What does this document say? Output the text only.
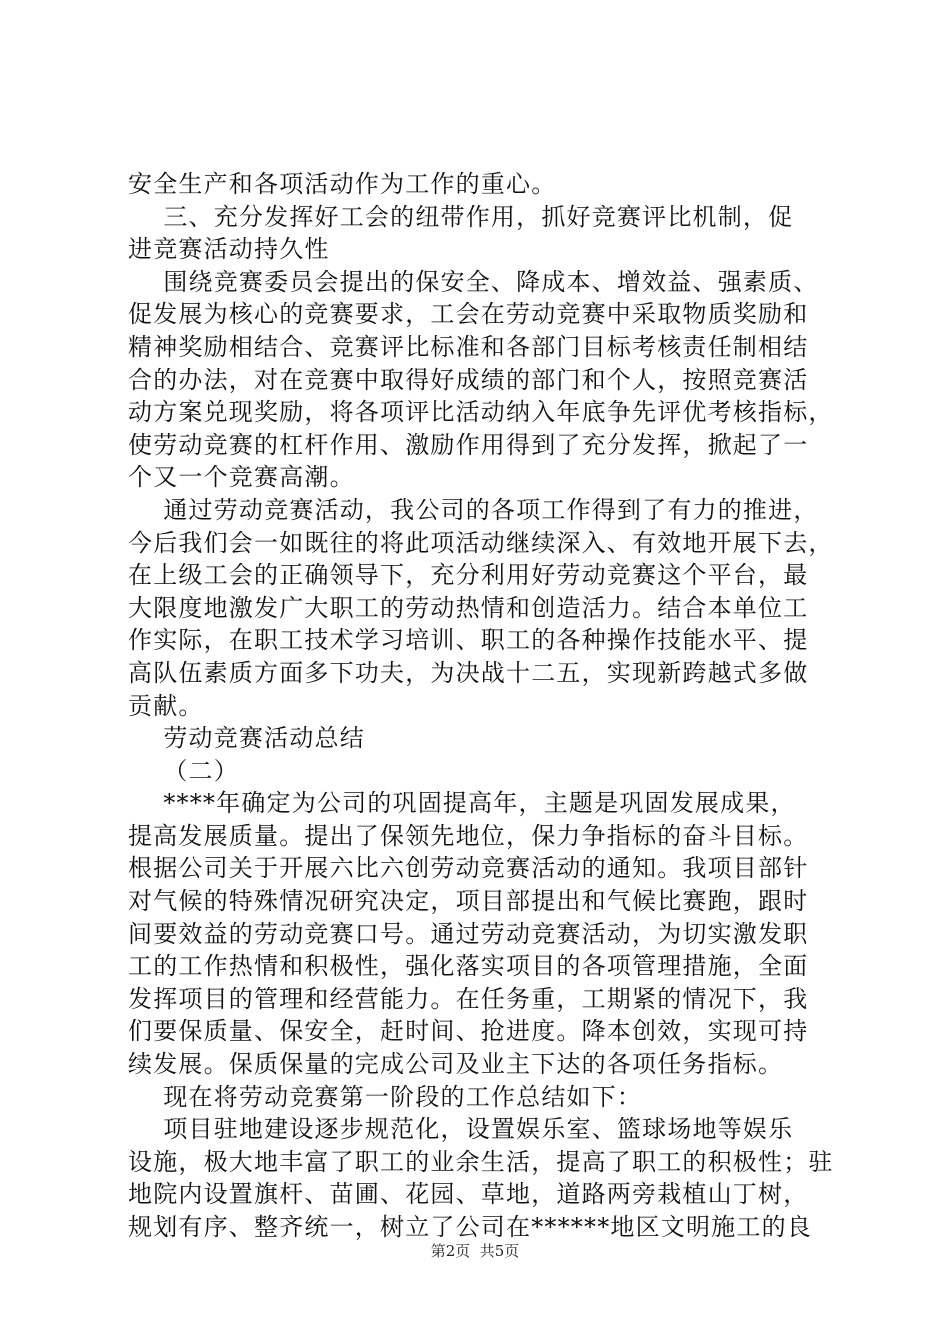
安全生产和各项活动作为工作的重心。
三、充分发挥好工会的纽带作用，抓好竞赛评比机制，促
进竞赛活动持久性
围绕竞赛委员会提出的保安全、降成本、增效益、强素质、
促发展为核心的竞赛要求，工会在劳动竞赛中采取物质奖励和
精神奖励相结合、竞赛评比标准和各部门目标考核责任制相结
合的办法，对在竞赛中取得好成绩的部门和个人，按照竞赛活
动方案兑现奖励，将各项评比活动纳入年底争先评优考核指标，
使劳动竞赛的杠杆作用、激励作用得到了充分发挥，掀起了一
个又一个竞赛高潮。
通过劳动竞赛活动，我公司的各项工作得到了有力的推进，
今后我们会一如既往的将此项活动继续深入、有效地开展下去，
在上级工会的正确领导下，充分利用好劳动竞赛这个平台，最
大限度地激发广大职工的劳动热情和创造活力。结合本单位工
作实际，在职工技术学习培训、职工的各种操作技能水平、提
高队伍素质方面多下功夫，为决战十二五，实现新跨越式多做
贡献。
劳动竞赛活动总结
（二）
****年确定为公司的巩固提高年，主题是巩固发展成果，
提高发展质量。提出了保领先地位，保力争指标的奋斗目标。
根据公司关于开展六比六创劳动竞赛活动的通知。我项目部针
对气候的特殊情况研究决定，项目部提出和气候比赛跑，跟时
间要效益的劳动竞赛口号。通过劳动竞赛活动，为切实激发职
工的工作热情和积极性，强化落实项目的各项管理措施，全面
发挥项目的管理和经营能力。在任务重，工期紧的情况下，我
们要保质量、保安全，赶时间、抢进度。降本创效，实现可持
续发展。保质保量的完成公司及业主下达的各项任务指标。
现在将劳动竞赛第一阶段的工作总结如下：
项目驻地建设逐步规范化，设置娱乐室、篮球场地等娱乐
设施，极大地丰富了职工的业余生活，提高了职工的积极性；驻
地院内设置旗杆、苗圃、花园、草地，道路两旁栽植山丁树，
规划有序、整齐统一，树立了公司在******地区文明施工的良
第2页  共5页
